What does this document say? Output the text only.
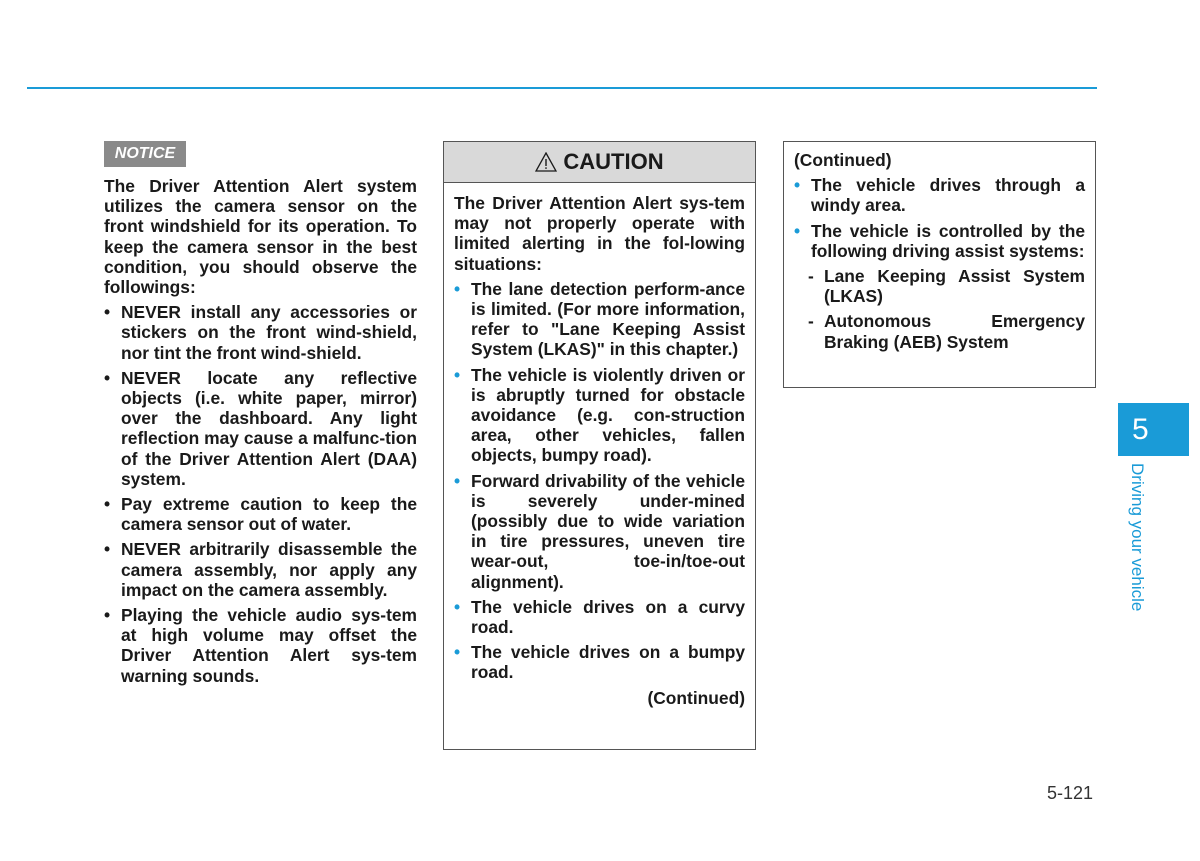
NOTICE

The Driver Attention Alert system utilizes the camera sensor on the front windshield for its operation. To keep the camera sensor in the best condition, you should observe the followings:

• NEVER install any accessories or stickers on the front wind-shield, nor tint the front wind-shield.
• NEVER locate any reflective objects (i.e. white paper, mirror) over the dashboard. Any light reflection may cause a malfunc-tion of the Driver Attention Alert (DAA) system.
• Pay extreme caution to keep the camera sensor out of water.
• NEVER arbitrarily disassemble the camera assembly, nor apply any impact on the camera assembly.
• Playing the vehicle audio sys-tem at high volume may offset the Driver Attention Alert sys-tem warning sounds.
CAUTION

The Driver Attention Alert sys-tem may not properly operate with limited alerting in the fol-lowing situations:

• The lane detection perform-ance is limited. (For more information, refer to "Lane Keeping Assist System (LKAS)" in this chapter.)
• The vehicle is violently driven or is abruptly turned for obstacle avoidance (e.g. con-struction area, other vehicles, fallen objects, bumpy road).
• Forward drivability of the vehicle is severely under-mined (possibly due to wide variation in tire pressures, uneven tire wear-out, toe-in/toe-out alignment).
• The vehicle drives on a curvy road.
• The vehicle drives on a bumpy road.

(Continued)

(Continued)

• The vehicle drives through a windy area.
• The vehicle is controlled by the following driving assist systems:
- Lane Keeping Assist System (LKAS)
- Autonomous Emergency Braking (AEB) System
5
Driving your vehicle
5-121
